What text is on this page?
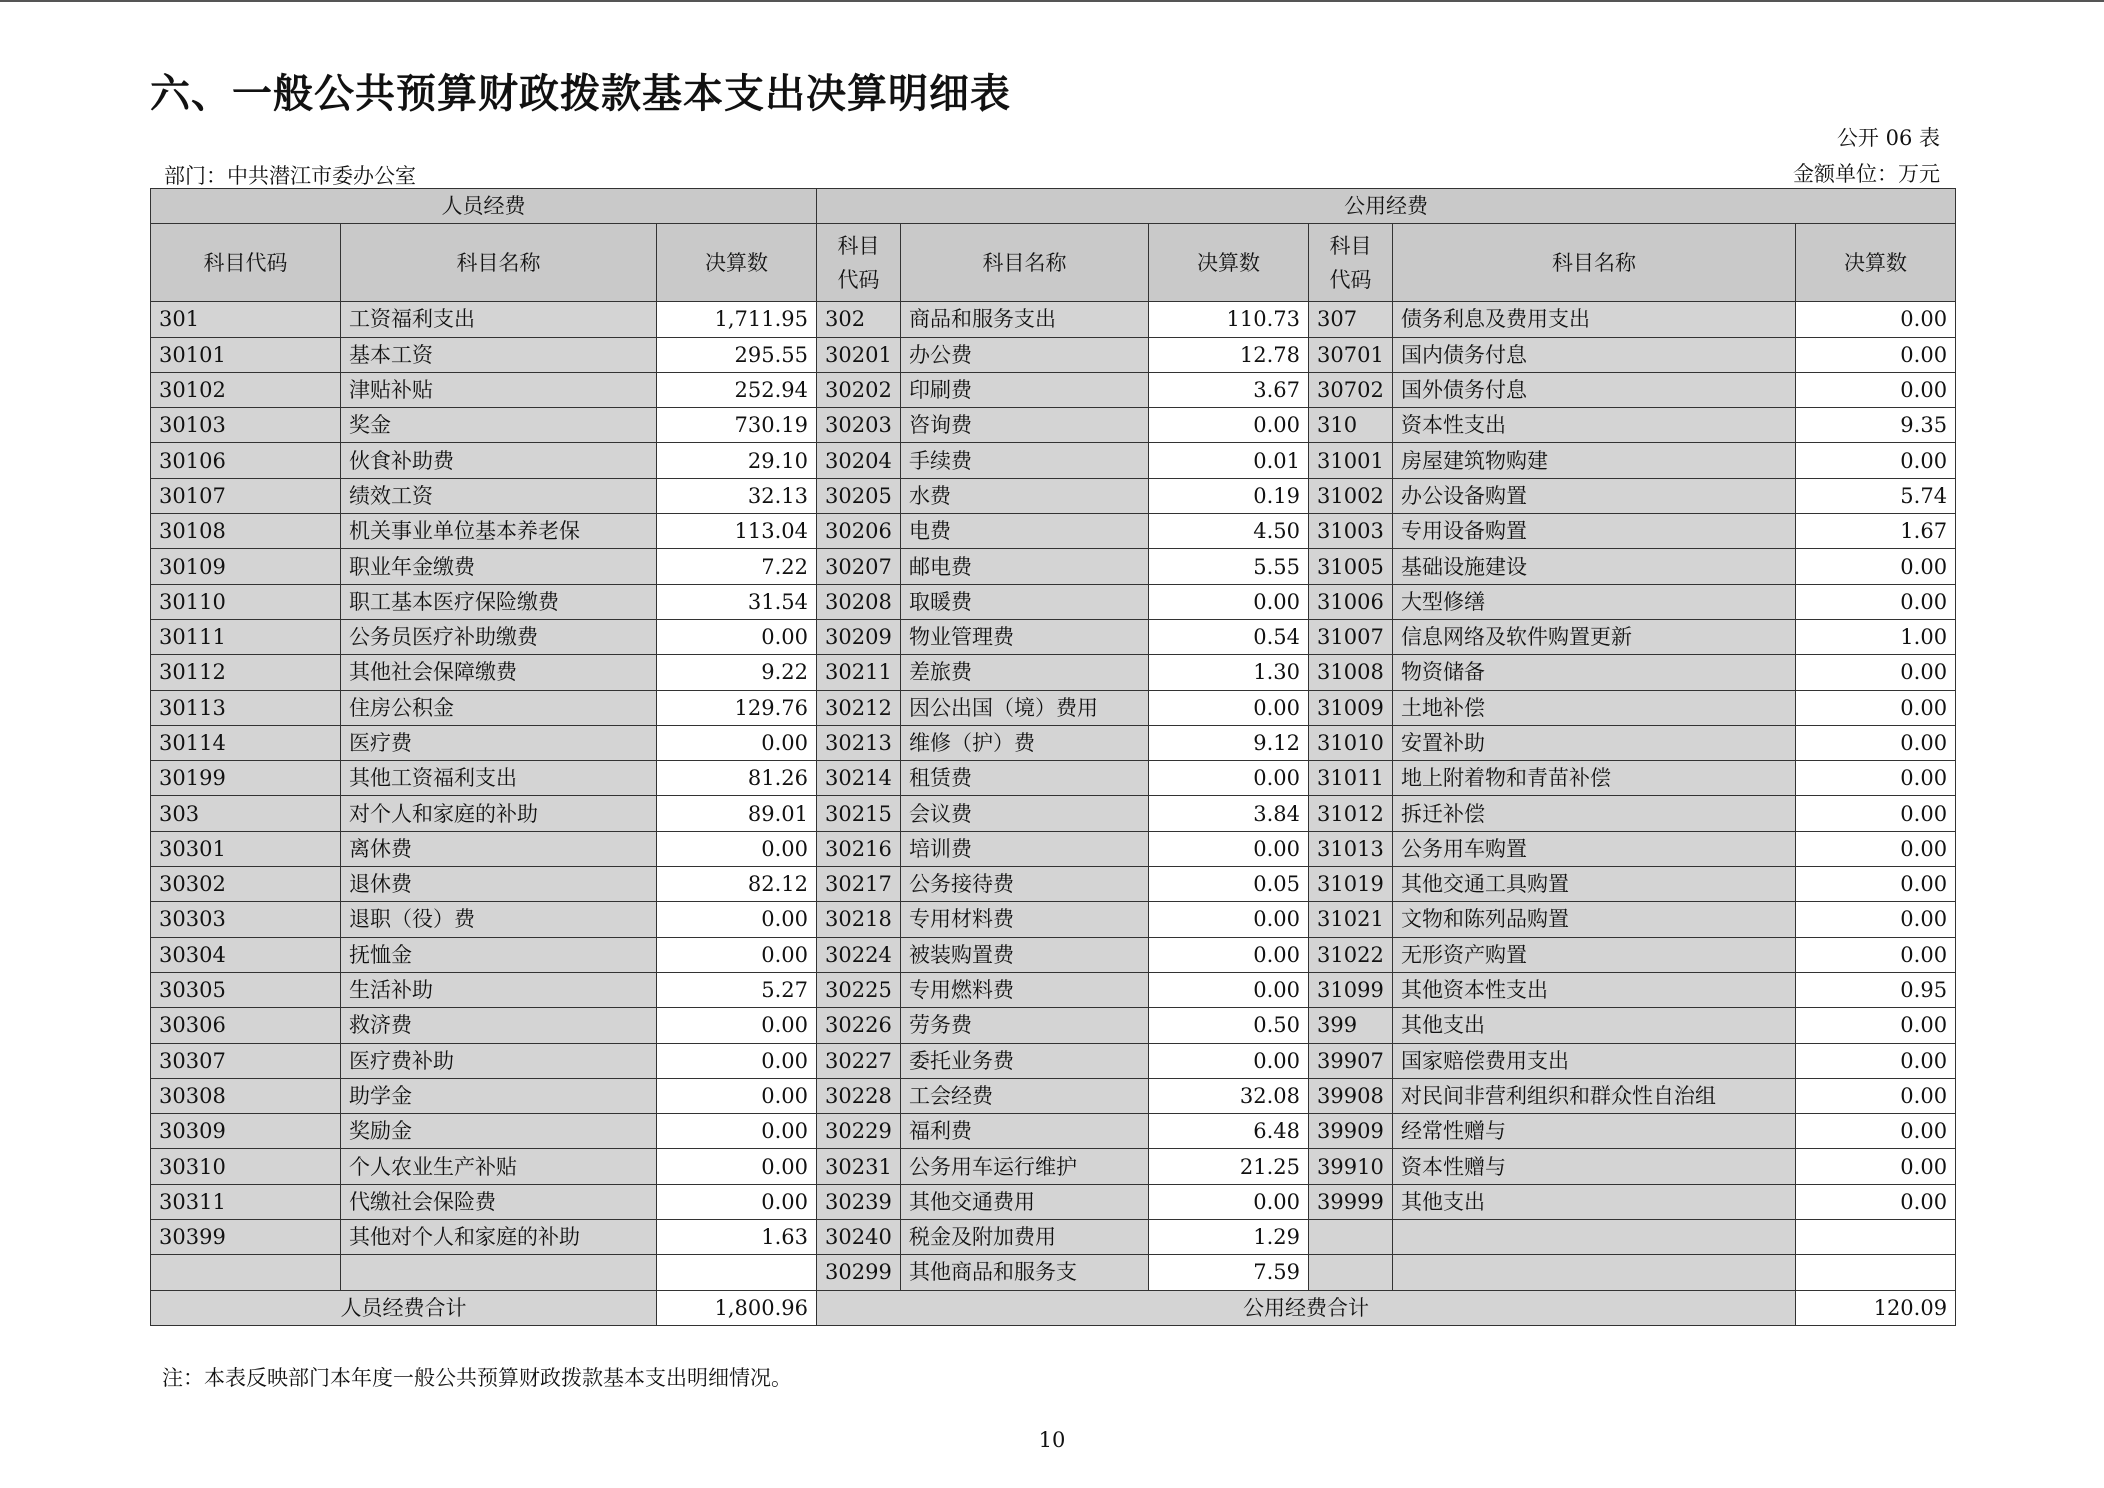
六、一般公共预算财政拨款基本支出决算明细表
公开 06 表
部门：中共潜江市委办公室	金额单位：万元
人员经费			公用经费					
科目代码	科目名称	决算数	科目
代码	科目名称	决算数	科目
代码	科目名称	决算数
301	工资福利支出	1,711.95	302	商品和服务支出	110.73	307	债务利息及费用支出	0.00
30101	基本工资	295.55	30201	办公费	12.78	30701	国内债务付息	0.00
30102	津贴补贴	252.94	30202	印刷费	3.67	30702	国外债务付息	0.00
30103	奖金	730.19	30203	咨询费	0.00	310	资本性支出	9.35
30106	伙食补助费	29.10	30204	手续费	0.01	31001	房屋建筑物购建	0.00
30107	绩效工资	32.13	30205	水费	0.19	31002	办公设备购置	5.74
30108	机关事业单位基本养老保	113.04	30206	电费	4.50	31003	专用设备购置	1.67
30109	职业年金缴费	7.22	30207	邮电费	5.55	31005	基础设施建设	0.00
30110	职工基本医疗保险缴费	31.54	30208	取暖费	0.00	31006	大型修缮	0.00
30111	公务员医疗补助缴费	0.00	30209	物业管理费	0.54	31007	信息网络及软件购置更新	1.00
30112	其他社会保障缴费	9.22	30211	差旅费	1.30	31008	物资储备	0.00
30113	住房公积金	129.76	30212	因公出国（境）费用	0.00	31009	土地补偿	0.00
30114	医疗费	0.00	30213	维修（护）费	9.12	31010	安置补助	0.00
30199	其他工资福利支出	81.26	30214	租赁费	0.00	31011	地上附着物和青苗补偿	0.00
303	对个人和家庭的补助	89.01	30215	会议费	3.84	31012	拆迁补偿	0.00
30301	离休费	0.00	30216	培训费	0.00	31013	公务用车购置	0.00
30302	退休费	82.12	30217	公务接待费	0.05	31019	其他交通工具购置	0.00
30303	退职（役）费	0.00	30218	专用材料费	0.00	31021	文物和陈列品购置	0.00
30304	抚恤金	0.00	30224	被装购置费	0.00	31022	无形资产购置	0.00
30305	生活补助	5.27	30225	专用燃料费	0.00	31099	其他资本性支出	0.95
30306	救济费	0.00	30226	劳务费	0.50	399	其他支出	0.00
30307	医疗费补助	0.00	30227	委托业务费	0.00	39907	国家赔偿费用支出	0.00
30308	助学金	0.00	30228	工会经费	32.08	39908	对民间非营利组织和群众性自治组	0.00
30309	奖励金	0.00	30229	福利费	6.48	39909	经常性赠与	0.00
30310	个人农业生产补贴	0.00	30231	公务用车运行维护	21.25	39910	资本性赠与	0.00
30311	代缴社会保险费	0.00	30239	其他交通费用	0.00	39999	其他支出	0.00
30399	其他对个人和家庭的补助	1.63	30240	税金及附加费用	1.29			
			30299	其他商品和服务支	7.59			
人员经费合计		1,800.96	公用经费合计					120.09
注：本表反映部门本年度一般公共预算财政拨款基本支出明细情况。
10
